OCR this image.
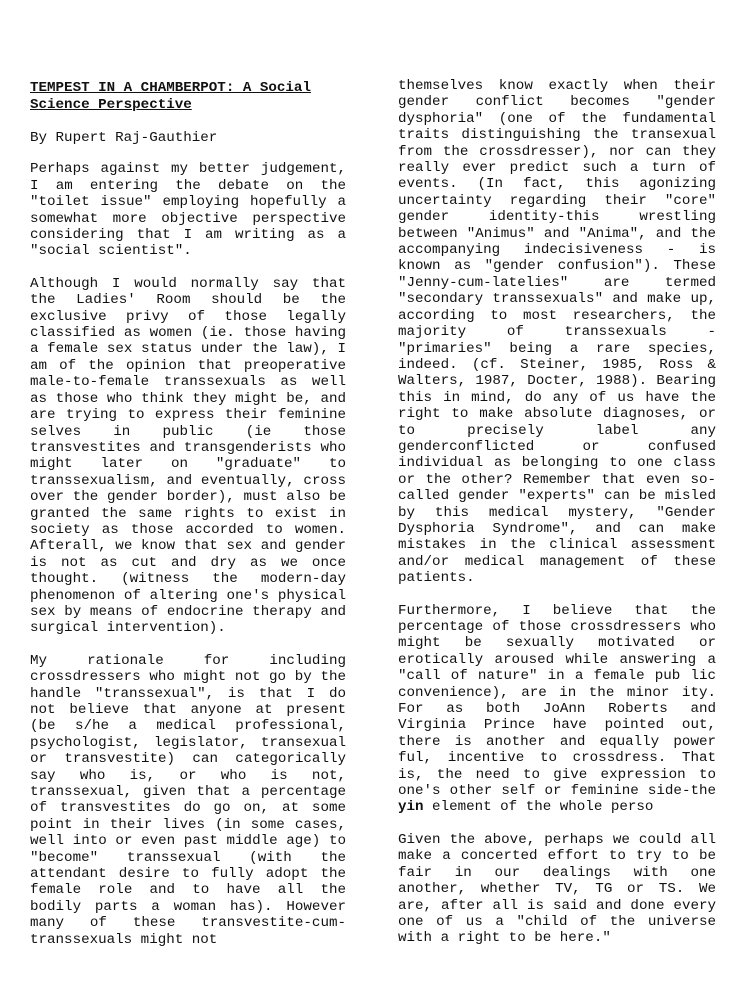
TEMPEST IN A CHAMBERPOT: A Social Science Perspective
By Rupert Raj-Gauthier

Perhaps against my better judgement, I am entering the debate on the "toilet issue" employing hopefully a somewhat more objective perspective considering that I am writing as a "social scientist".

Although I would normally say that the Ladies' Room should be the exclusive privy of those legally classified as women (ie. those having a female sex status under the law), I am of the opinion that preoperative male-to-female transsexuals as well as those who think they might be, and are trying to express their feminine selves in public (ie those transvestites and transgenderists who might later on "graduate" to transsexualism, and eventually, cross over the gender border), must also be granted the same rights to exist in society as those accorded to women. Afterall, we know that sex and gender is not as cut and dry as we once thought. (witness the modern-day phenomenon of altering one's physical sex by means of endocrine therapy and surgical intervention).

My rationale for including crossdressers who might not go by the handle "transsexual", is that I do not believe that anyone at present (be s/he a medical professional, psychologist, legislator, transexual or transvestite) can categorically say who is, or who is not, transsexual, given that a percentage of transvestites do go on, at some point in their lives (in some cases, well into or even past middle age) to "become" transsexual (with the attendant desire to fully adopt the female role and to have all the bodily parts a woman has). However many of these transvestite-cum-transsexuals might not

themselves know exactly when their gender conflict becomes "gender dysphoria" (one of the fundamental traits distinguishing the transexual from the crossdresser), nor can they really ever predict such a turn of events. (In fact, this agonizing uncertainty regarding their "core" gender identity-this wrestling between "Animus" and "Anima", and the accompanying indecisiveness - is known as "gender confusion"). These "Jenny-cum-latelies" are termed "secondary transsexuals" and make up, according to most researchers, the majority of transsexuals - "primaries" being a rare species, indeed. (cf. Steiner, 1985, Ross & Walters, 1987, Docter, 1988). Bearing this in mind, do any of us have the right to make absolute diagnoses, or to precisely label any genderconflicted or confused individual as belonging to one class or the other? Remember that even so-called gender "experts" can be misled by this medical mystery, "Gender Dysphoria Syndrome", and can make mistakes in the clinical assessment and/or medical management of these patients.

Furthermore, I believe that the percentage of those crossdressers who might be sexually motivated or erotically aroused while answering a "call of nature" in a female pub lic convenience), are in the minor ity. For as both JoAnn Roberts and Virginia Prince have pointed out, there is another and equally power ful, incentive to crossdress. That is, the need to give expression to one's other self or feminine side-the yin element of the whole perso

Given the above, perhaps we could all make a concerted effort to try to be fair in our dealings with one another, whether TV, TG or TS. We are, after all is said and done every one of us a "child of the universe with a right to be here."
